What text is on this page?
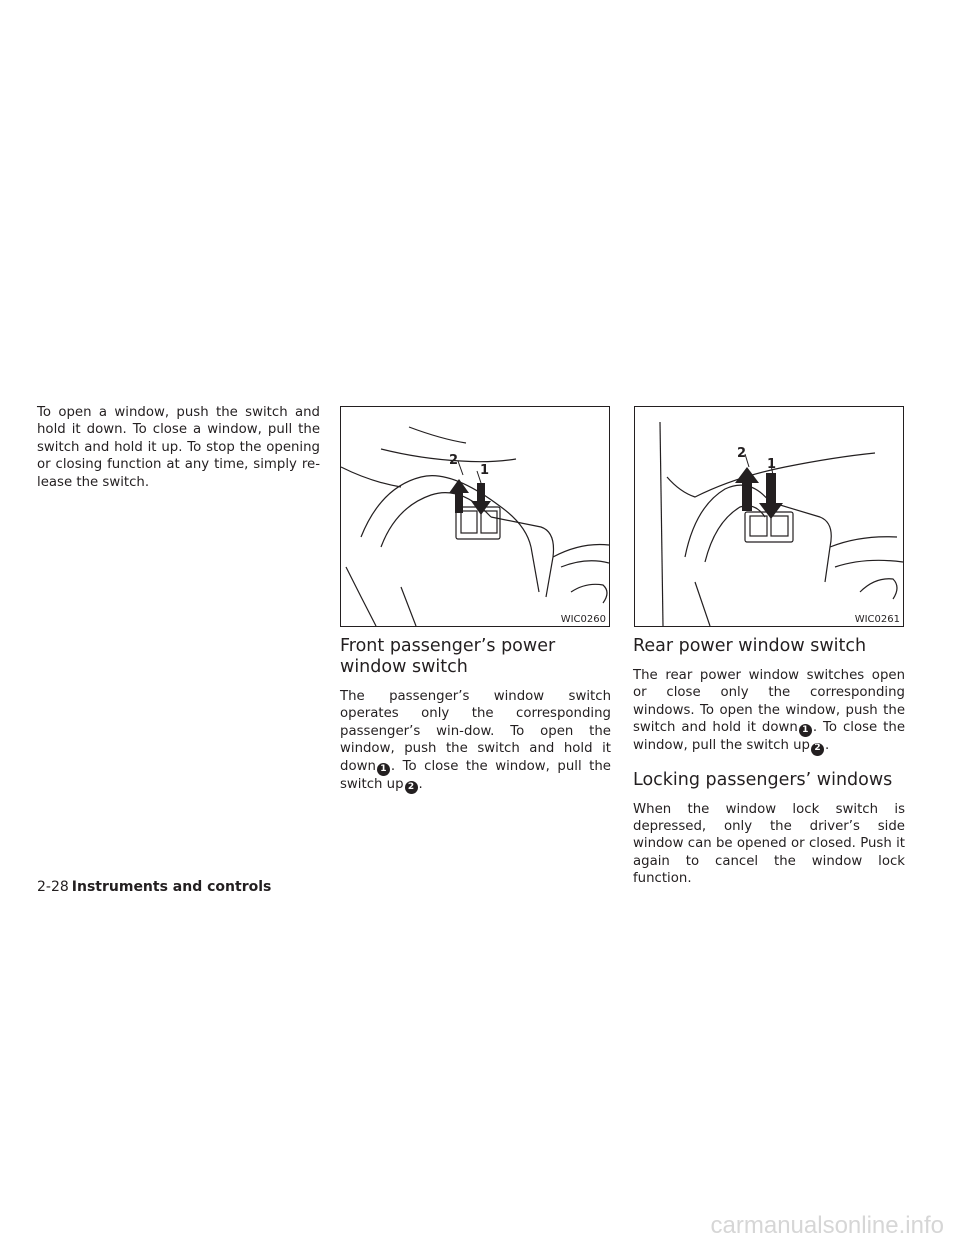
To open a window, push the switch and hold it down. To close a window, pull the switch and hold it up. To stop the opening or closing function at any time, simply re-lease the switch.

2
1
WIC0260
2
1
WIC0261
Front passenger’s power window switch

The passenger’s window switch operates only the corresponding passenger’s win-dow. To open the window, push the switch and hold it down 1 . To close the window, pull the switch up 2 .

Rear power window switch

The rear power window switches open or close only the corresponding windows. To open the window, push the switch and hold it down 1 . To close the window, pull the switch up 2 .

Locking passengers’ windows

When the window lock switch is depressed, only the driver’s side window can be opened or closed. Push it again to cancel the window lock function.

2-28 Instruments and controls
carmanualsonline.info
